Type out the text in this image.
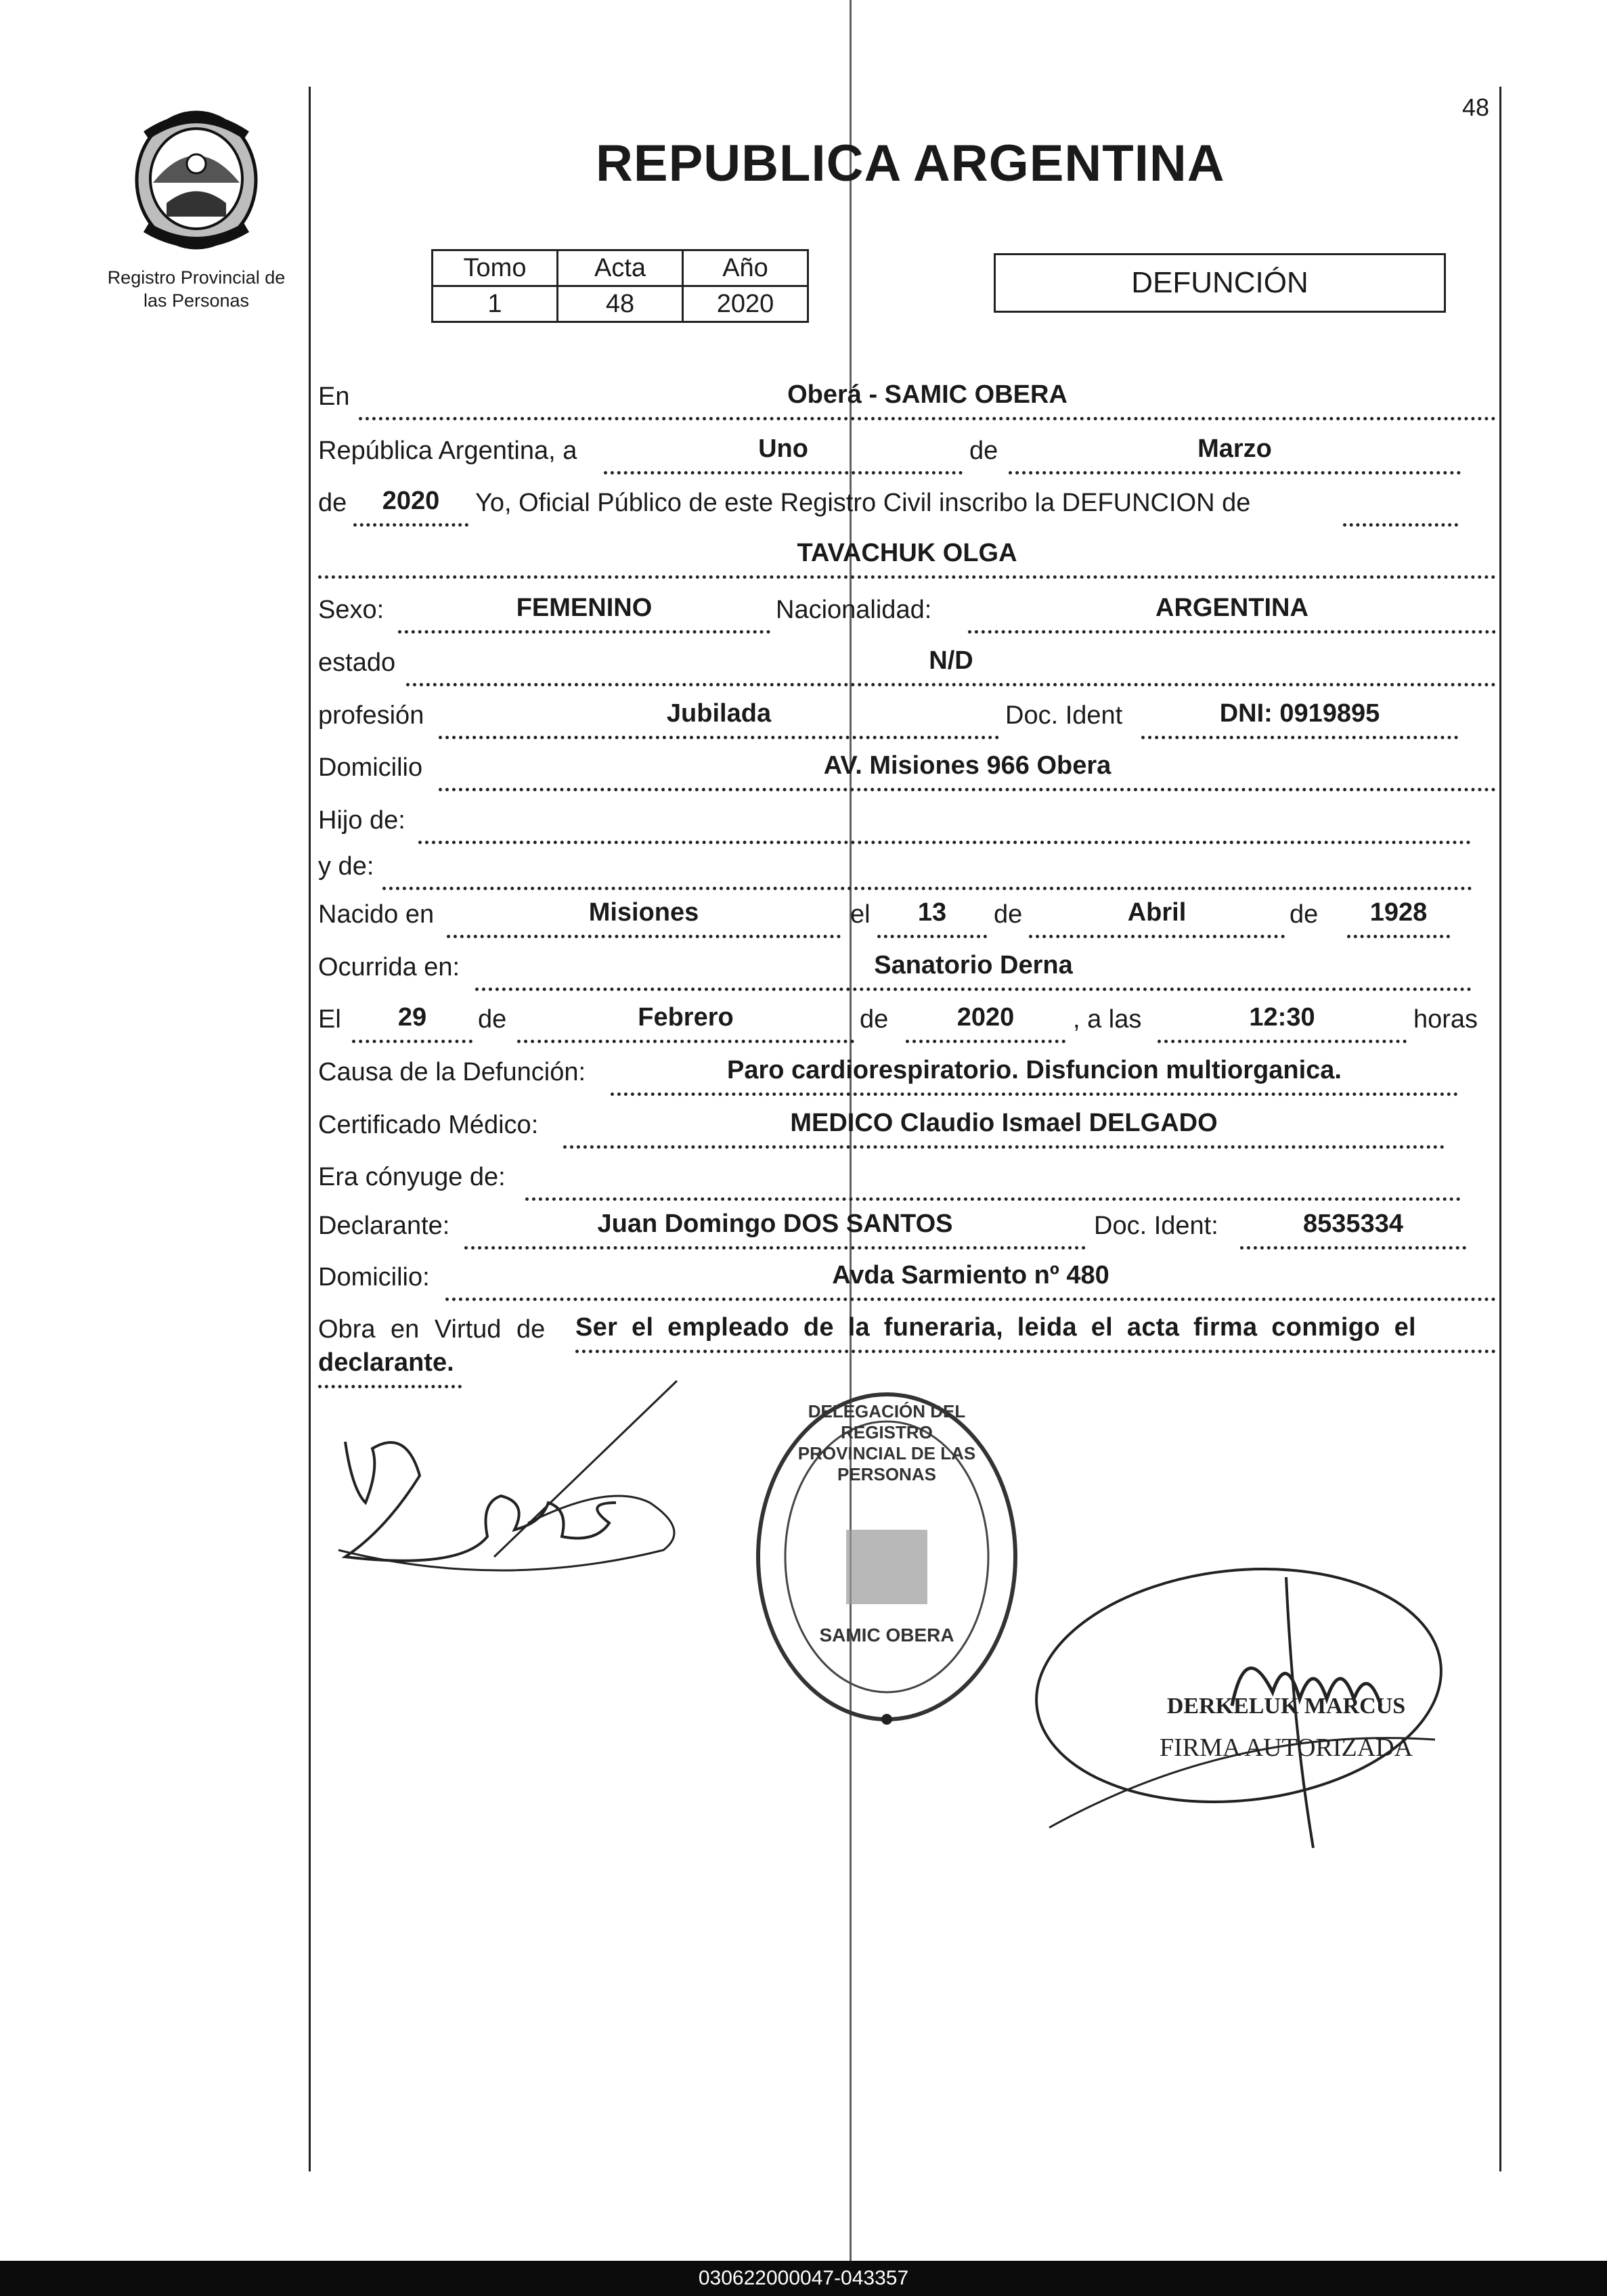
48
Registro Provincial de
las Personas
REPUBLICA ARGENTINA
Tomo	Acta	Año
1	48	2020
DEFUNCIÓN
En	Oberá - SAMIC OBERA
República Argentina, a	Uno	de	Marzo
de	2020	Yo, Oficial Público de este Registro Civil inscribo la DEFUNCION de
TAVACHUK OLGA
Sexo:	FEMENINO	Nacionalidad:	ARGENTINA
estado	N/D
profesión	Jubilada	Doc. Ident	DNI: 0919895
Domicilio	AV. Misiones 966 Obera
Hijo de:
y de:
Nacido en	Misiones	el	13	de	Abril	de	1928
Ocurrida en:	Sanatorio Derna
El	29	de	Febrero	de	2020	, a las	12:30	horas
Causa de la Defunción:	Paro cardiorespiratorio. Disfuncion multiorganica.
Certificado Médico:	MEDICO Claudio Ismael DELGADO
Era cónyuge de:
Declarante:	Juan Domingo DOS SANTOS	Doc. Ident:	8535334
Domicilio:	Avda Sarmiento nº 480
Obra en Virtud de Ser el empleado de la funeraria, leida el acta firma conmigo el
declarante.
DELEGACIÓN DEL REGISTRO PROVINCIAL DE LAS PERSONAS
SAMIC OBERA
DERKELUK MARCUS
FIRMA AUTORIZADA
030622000047-043357
